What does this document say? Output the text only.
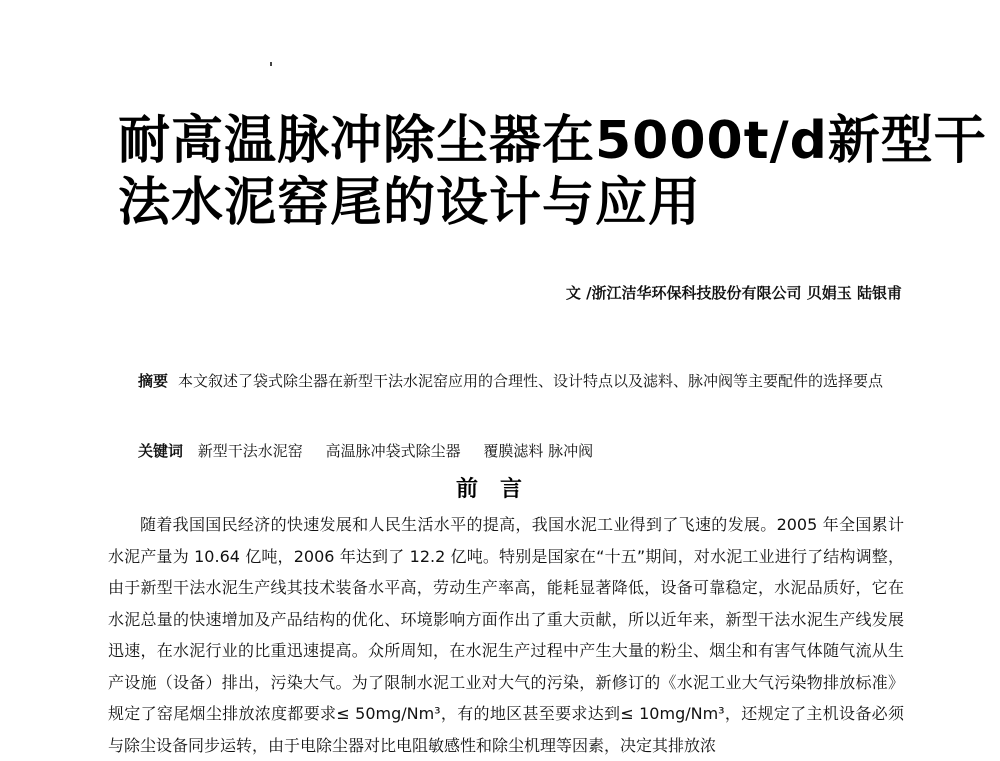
耐高温脉冲除尘器在5000t/d新型干
法水泥窑尾的设计与应用
文 /浙江洁华环保科技股份有限公司 贝娟玉 陆银甫
摘要 本文叙述了袋式除尘器在新型干法水泥窑应用的合理性、设计特点以及滤料、脉冲阀等主要配件的选择要点
关键词 新型干法水泥窑 高温脉冲袋式除尘器 覆膜滤料 脉冲阀
前言

随着我国国民经济的快速发展和人民生活水平的提高，我国水泥工业得到了飞速的发展。2005 年全国累计水泥产量为 10.64 亿吨，2006 年达到了 12.2 亿吨。特别是国家在“十五”期间，对水泥工业进行了结构调整，由于新型干法水泥生产线其技术装备水平高，劳动生产率高，能耗显著降低，设备可靠稳定，水泥品质好，它在水泥总量的快速增加及产品结构的优化、环境影响方面作出了重大贡献，所以近年来，新型干法水泥生产线发展迅速，在水泥行业的比重迅速提高。众所周知，在水泥生产过程中产生大量的粉尘、烟尘和有害气体随气流从生产设施（设备）排出，污染大气。为了限制水泥工业对大气的污染，新修订的《水泥工业大气污染物排放标准》规定了窑尾烟尘排放浓度都要求≤ 50mg/Nm³，有的地区甚至要求达到≤ 10mg/Nm³，还规定了主机设备必须与除尘设备同步运转，由于电除尘器对比电阻敏感性和除尘机理等因素，决定其排放浓
